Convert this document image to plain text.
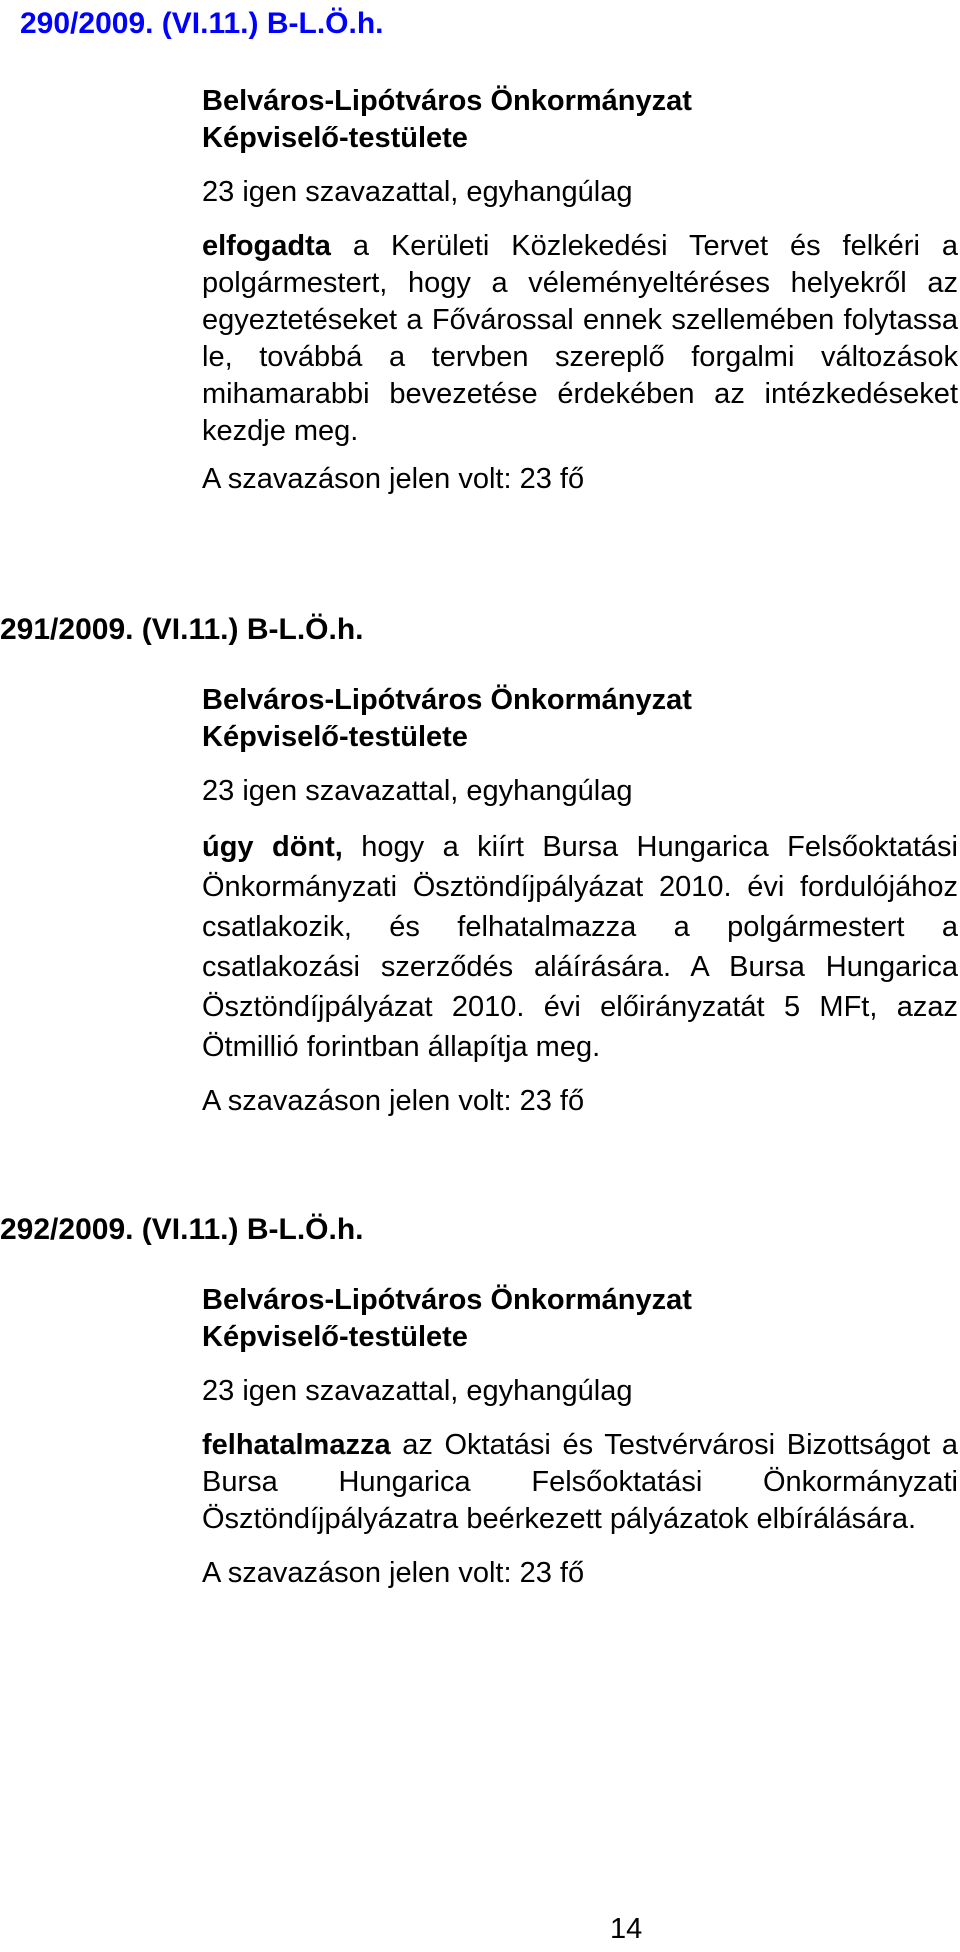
290/2009. (VI.11.) B-L.Ö.h.

Belváros-Lipótváros Önkormányzat

Képviselő-testülete

23 igen szavazattal, egyhangúlag

elfogadta a Kerületi Közlekedési Tervet és felkéri a polgármestert, hogy a véleményeltéréses helyekről az egyeztetéseket a Fővárossal ennek szellemében folytassa le, továbbá a tervben szereplő forgalmi változások mihamarabbi bevezetése érdekében az intézkedéseket kezdje meg.

A szavazáson jelen volt: 23 fő

291/2009. (VI.11.) B-L.Ö.h.

Belváros-Lipótváros Önkormányzat

Képviselő-testülete

23 igen szavazattal, egyhangúlag

úgy dönt, hogy a kiírt Bursa Hungarica Felsőoktatási Önkormányzati Ösztöndíjpályázat 2010. évi fordulójához csatlakozik, és felhatalmazza a polgármestert a csatlakozási szerződés aláírására. A Bursa Hungarica Ösztöndíjpályázat 2010. évi előirányzatát 5 MFt, azaz Ötmillió forintban állapítja meg.

A szavazáson jelen volt: 23 fő

292/2009. (VI.11.) B-L.Ö.h.

Belváros-Lipótváros Önkormányzat

Képviselő-testülete

23 igen szavazattal, egyhangúlag

felhatalmazza az Oktatási és Testvérvárosi Bizottságot a Bursa Hungarica Felsőoktatási Önkormányzati Ösztöndíjpályázatra beérkezett pályázatok elbírálására.

A szavazáson jelen volt: 23 fő

14
